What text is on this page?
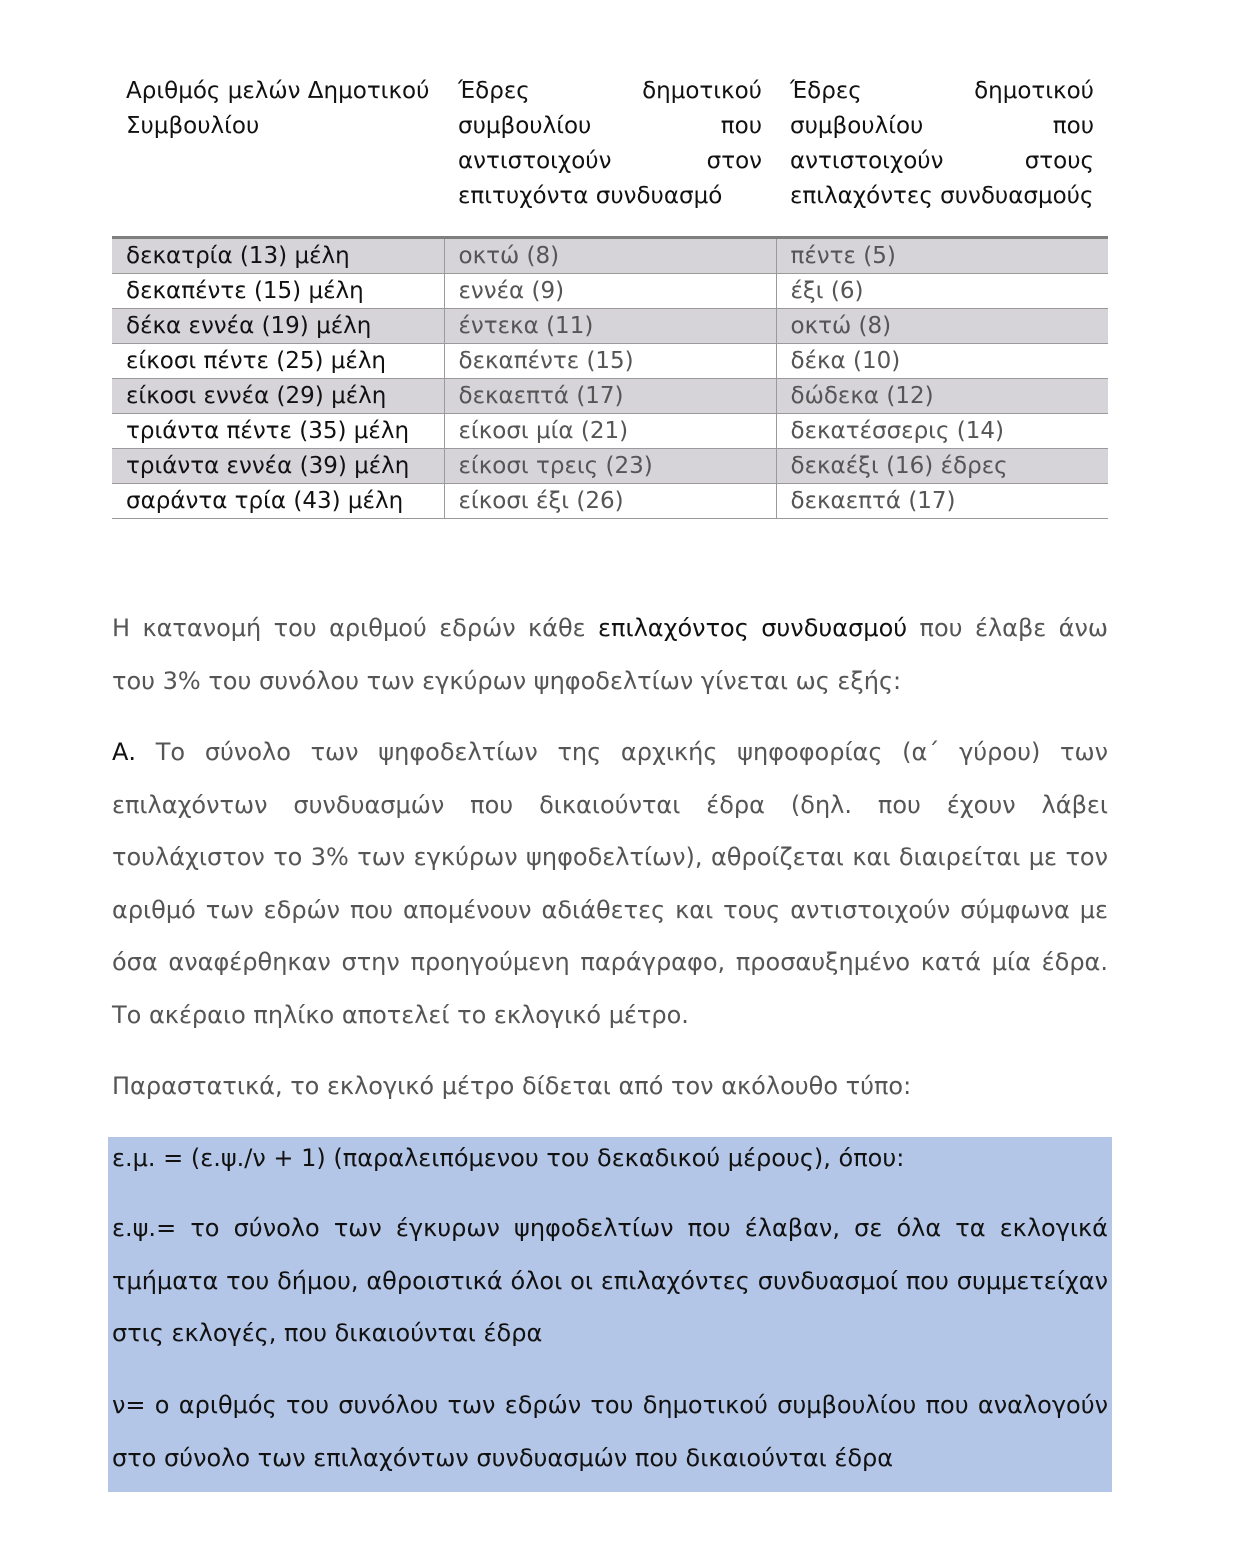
Αριθμός μελών Δημοτικού Συμβουλίου	Έδρες δημοτικού συμβουλίου που αντιστοιχούν στον επιτυχόντα συνδυασμό	Έδρες δημοτικού συμβουλίου που αντιστοιχούν στους επιλαχόντες συνδυασμούς
δεκατρία (13) μέλη	οκτώ (8)	πέντε (5)
δεκαπέντε (15) μέλη	εννέα (9)	έξι (6)
δέκα εννέα (19) μέλη	έντεκα (11)	οκτώ (8)
είκοσι πέντε (25) μέλη	δεκαπέντε (15)	δέκα (10)
είκοσι εννέα (29) μέλη	δεκαεπτά (17)	δώδεκα (12)
τριάντα πέντε (35) μέλη	είκοσι μία (21)	δεκατέσσερις (14)
τριάντα εννέα (39) μέλη	είκοσι τρεις (23)	δεκαέξι (16) έδρες
σαράντα τρία (43) μέλη	είκοσι έξι (26)	δεκαεπτά (17)

Η κατανομή του αριθμού εδρών κάθε επιλαχόντος συνδυασμού που έλαβε άνω του 3% του συνόλου των εγκύρων ψηφοδελτίων γίνεται ως εξής:

Α. Το σύνολο των ψηφοδελτίων της αρχικής ψηφοφορίας (α΄ γύρου) των επιλαχόντων συνδυασμών που δικαιούνται έδρα (δηλ. που έχουν λάβει τουλάχιστον το 3% των εγκύρων ψηφοδελτίων), αθροίζεται και διαιρείται με τον αριθμό των εδρών που απομένουν αδιάθετες και τους αντιστοιχούν σύμφωνα με όσα αναφέρθηκαν στην προηγούμενη παράγραφο, προσαυξημένο κατά μία έδρα. Το ακέραιο πηλίκο αποτελεί το εκλογικό μέτρο.

Παραστατικά, το εκλογικό μέτρο δίδεται από τον ακόλουθο τύπο:

ε.μ. = (ε.ψ./ν + 1) (παραλειπόμενου του δεκαδικού μέρους), όπου:

ε.ψ.= το σύνολο των έγκυρων ψηφοδελτίων που έλαβαν, σε όλα τα εκλογικά τμήματα του δήμου, αθροιστικά όλοι οι επιλαχόντες συνδυασμοί που συμμετείχαν στις εκλογές, που δικαιούνται έδρα

ν= ο αριθμός του συνόλου των εδρών του δημοτικού συμβουλίου που αναλογούν στο σύνολο των επιλαχόντων συνδυασμών που δικαιούνται έδρα
